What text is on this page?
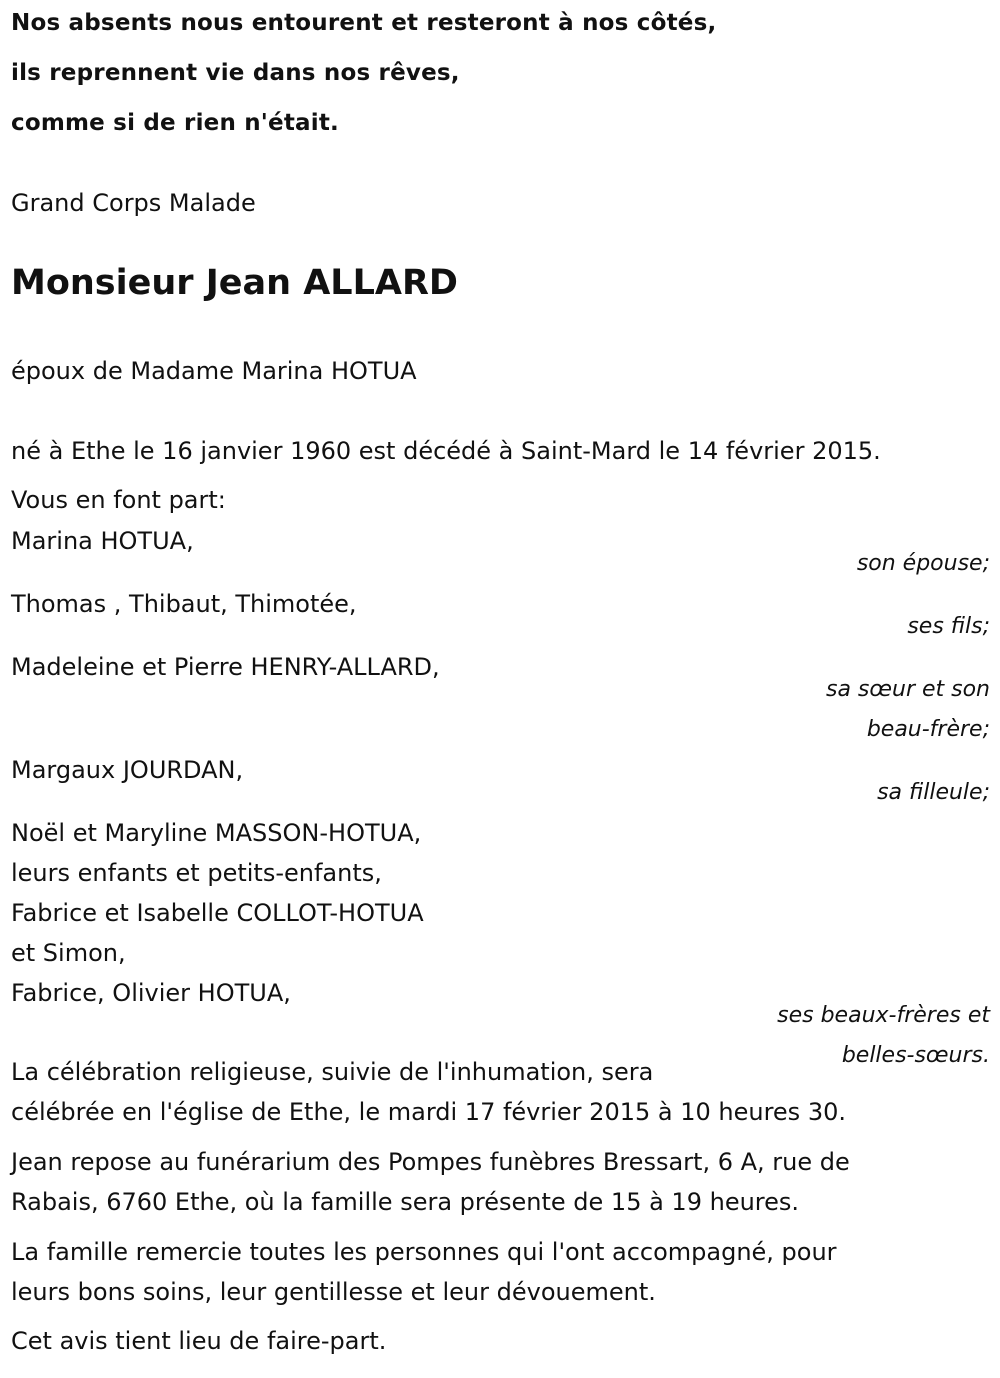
Nos absents nous entourent et resteront à nos côtés,
ils reprennent vie dans nos rêves,
comme si de rien n'était.
Grand Corps Malade
Monsieur Jean ALLARD
époux de Madame Marina HOTUA
né à Ethe le 16 janvier 1960 est décédé à Saint-Mard le 14 février 2015.
Vous en font part:
Marina HOTUA,
son épouse;
Thomas , Thibaut, Thimotée,
ses fils;
Madeleine et Pierre HENRY-ALLARD,
sa sœur et son
beau-frère;
Margaux JOURDAN,
sa filleule;
Noël et Maryline MASSON-HOTUA,
leurs enfants et petits-enfants,
Fabrice et Isabelle COLLOT-HOTUA
et Simon,
Fabrice, Olivier HOTUA,
ses beaux-frères et
belles-sœurs.
La célébration religieuse, suivie de l'inhumation, sera
célébrée en l'église de Ethe, le mardi 17 février 2015 à 10 heures 30.
Jean repose au funérarium des Pompes funèbres Bressart, 6 A, rue de
Rabais, 6760 Ethe, où la famille sera présente de 15 à 19 heures.
La famille remercie toutes les personnes qui l'ont accompagné, pour
leurs bons soins, leur gentillesse et leur dévouement.
Cet avis tient lieu de faire-part.
